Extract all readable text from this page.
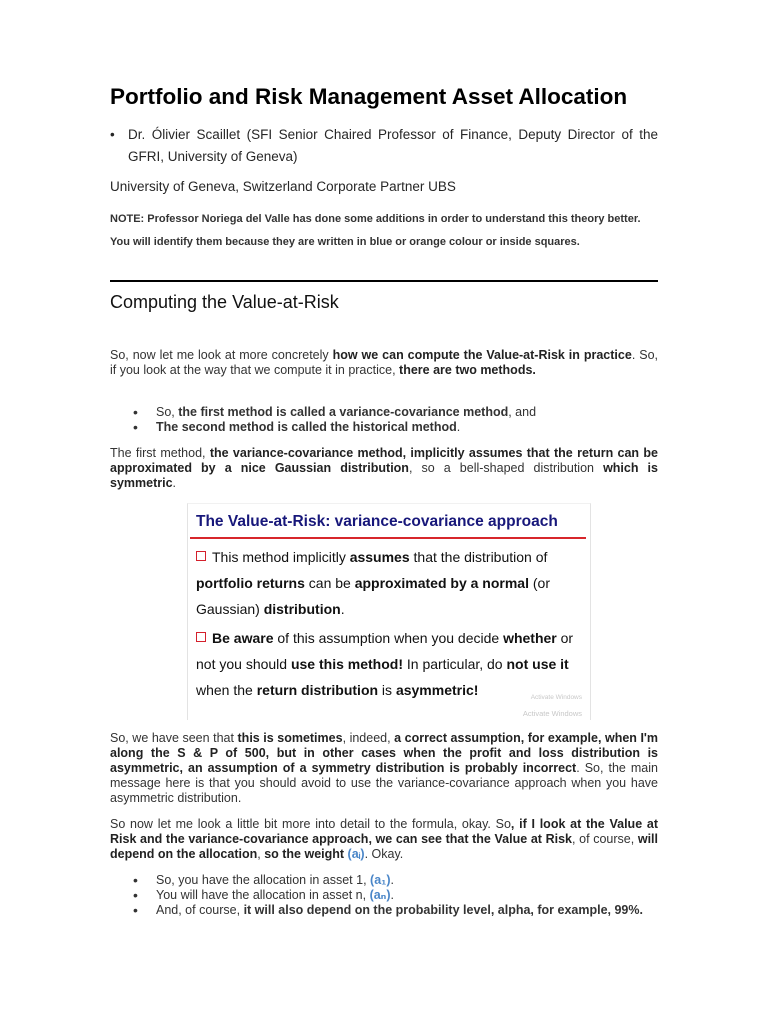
Portfolio and Risk Management Asset Allocation
• Dr. Ólivier Scaillet (SFI Senior Chaired Professor of Finance, Deputy Director of the GFRI, University of Geneva)
University of Geneva, Switzerland Corporate Partner UBS
NOTE: Professor Noriega del Valle has done some additions in order to understand this theory better. You will identify them because they are written in blue or orange colour or inside squares.
Computing the Value-at-Risk
So, now let me look at more concretely how we can compute the Value-at-Risk in practice. So, if you look at the way that we compute it in practice, there are two methods.
• So, the first method is called a variance-covariance method, and
• The second method is called the historical method.
The first method, the variance-covariance method, implicitly assumes that the return can be approximated by a nice Gaussian distribution, so a bell-shaped distribution which is symmetric.
The Value-at-Risk: variance-covariance approach
This method implicitly assumes that the distribution of portfolio returns can be approximated by a normal (or Gaussian) distribution.
Be aware of this assumption when you decide whether or not you should use this method! In particular, do not use it when the return distribution is asymmetric!	Activate Windows
Activate Windows
So, we have seen that this is sometimes, indeed, a correct assumption, for example, when I'm along the S & P of 500, but in other cases when the profit and loss distribution is asymmetric, an assumption of a symmetry distribution is probably incorrect. So, the main message here is that you should avoid to use the variance-covariance approach when you have asymmetric distribution.
So now let me look a little bit more into detail to the formula, okay. So, if I look at the Value at Risk and the variance-covariance approach, we can see that the Value at Risk, of course, will depend on the allocation, so the weight (aᵢ). Okay.
• So, you have the allocation in asset 1, (a₁).
• You will have the allocation in asset n, (aₙ).
• And, of course, it will also depend on the probability level, alpha, for example, 99%.
